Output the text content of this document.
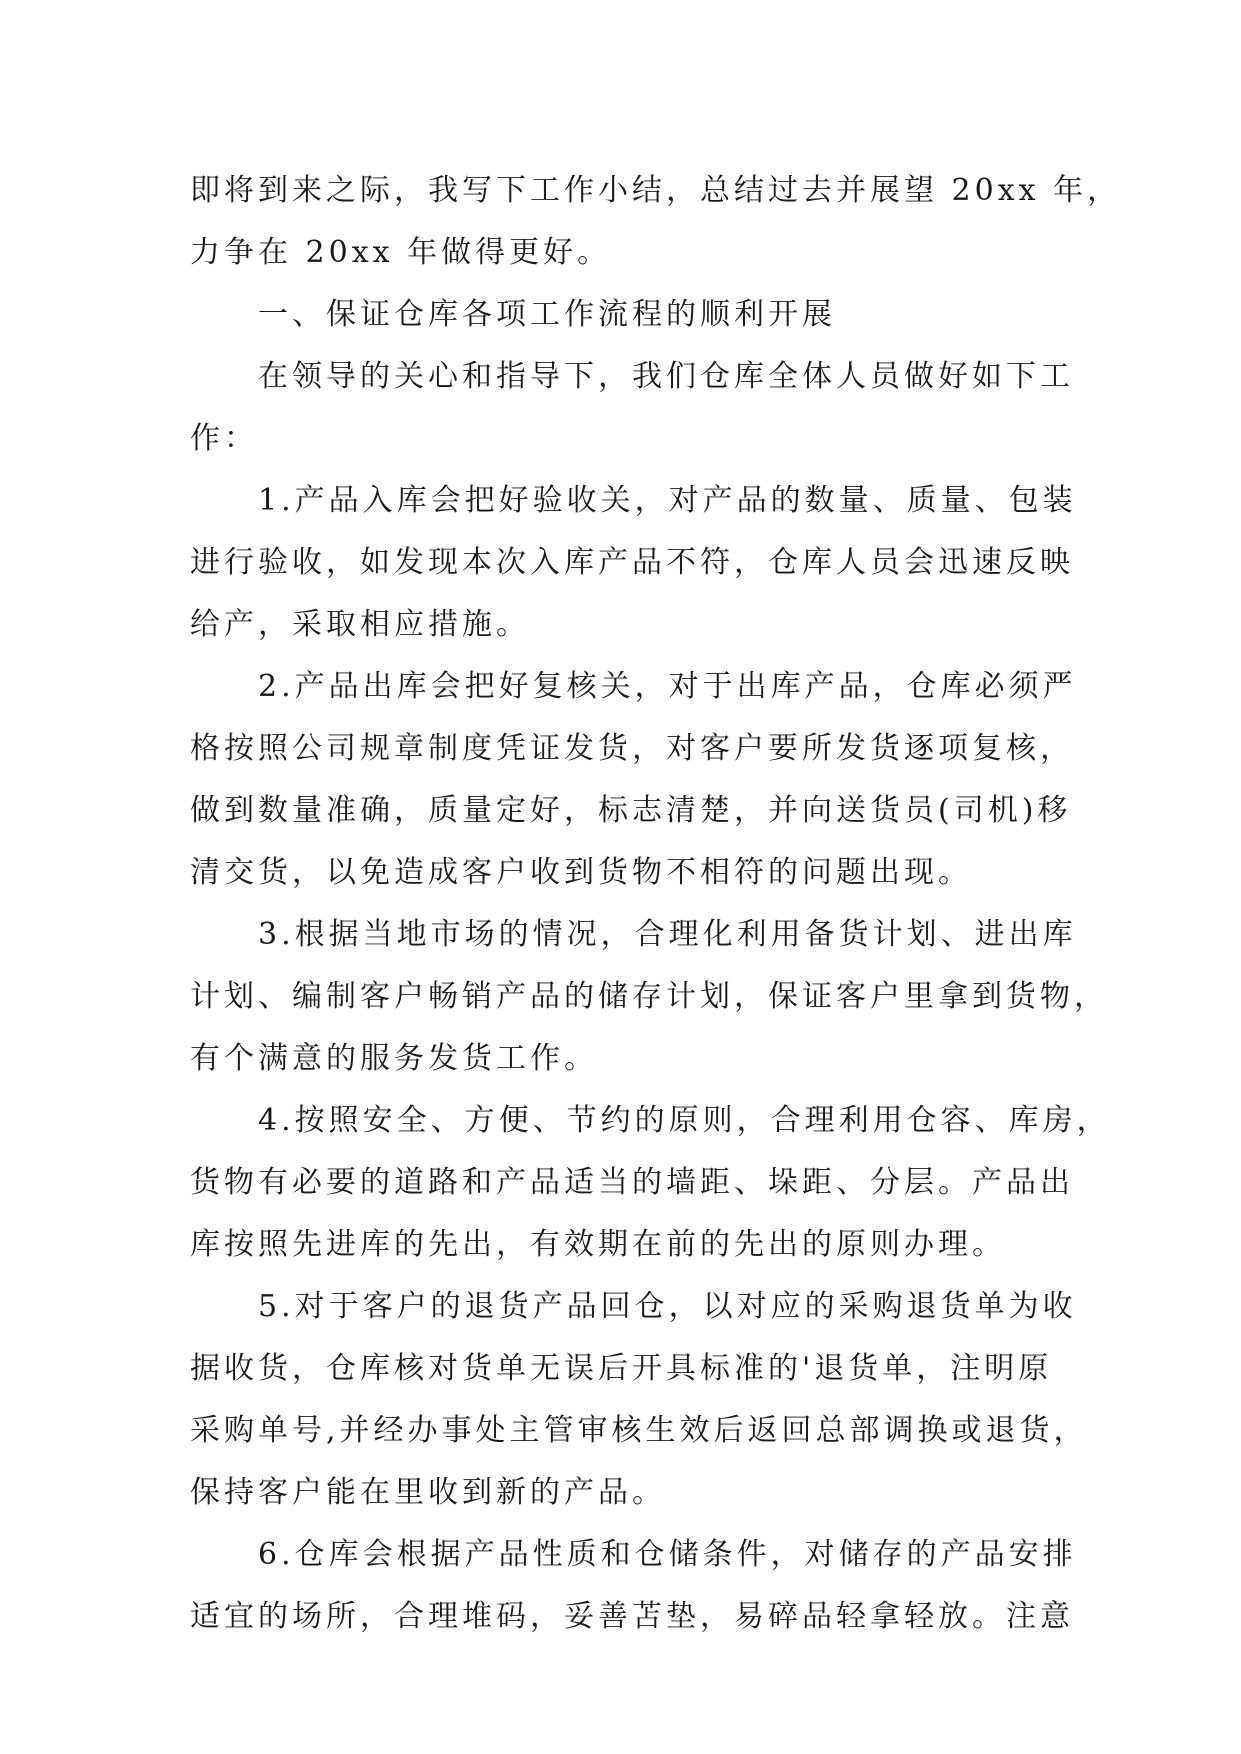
即将到来之际，我写下工作小结，总结过去并展望 20xx 年，
力争在 20xx 年做得更好。
一、保证仓库各项工作流程的顺利开展
在领导的关心和指导下，我们仓库全体人员做好如下工
作：
1.产品入库会把好验收关，对产品的数量、质量、包装
进行验收，如发现本次入库产品不符，仓库人员会迅速反映
给产，采取相应措施。
2.产品出库会把好复核关，对于出库产品，仓库必须严
格按照公司规章制度凭证发货，对客户要所发货逐项复核，
做到数量准确，质量定好，标志清楚，并向送货员(司机)移
清交货，以免造成客户收到货物不相符的问题出现。
3.根据当地市场的情况，合理化利用备货计划、进出库
计划、编制客户畅销产品的储存计划，保证客户里拿到货物，
有个满意的服务发货工作。
4.按照安全、方便、节约的原则，合理利用仓容、库房，
货物有必要的道路和产品适当的墙距、垛距、分层。产品出
库按照先进库的先出，有效期在前的先出的原则办理。
5.对于客户的退货产品回仓，以对应的采购退货单为收
据收货，仓库核对货单无误后开具标准的'退货单，注明原
采购单号,并经办事处主管审核生效后返回总部调换或退货，
保持客户能在里收到新的产品。
6.仓库会根据产品性质和仓储条件，对储存的产品安排
适宜的场所，合理堆码，妥善苫垫，易碎品轻拿轻放。注意
